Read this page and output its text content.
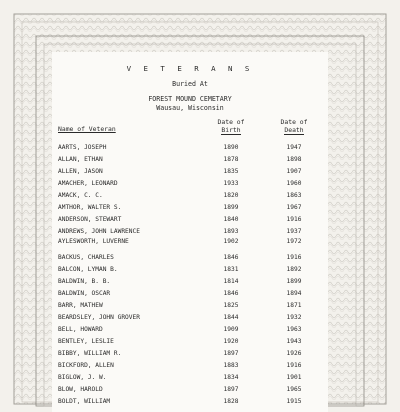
V E T E R A N S
Buried At
FOREST MOUND CEMETARY
Wausau, Wisconsin
Name of Veteran
Date of
Birth
Date of
Death
AARTS, JOSEPH	1890	1947
ALLAN, ETHAN	1878	1898
ALLEN, JASON	1835	1907
AMACHER, LEONARD	1933	1960
AMACK, C. C.	1820	1863
AMTHOR, WALTER S.	1899	1967
ANDERSON, STEWART	1840	1916
ANDREWS, JOHN LAWRENCE	1893	1937
AYLESWORTH, LUVERNE	1902	1972
BACKUS, CHARLES	1846	1916
BALCON, LYMAN B.	1831	1892
BALDWIN, B. B.	1814	1899
BALDWIN, OSCAR	1846	1894
BARR, MATHEW	1825	1871
BEARDSLEY, JOHN GROVER	1844	1932
BELL, HOWARD	1909	1963
BENTLEY, LESLIE	1920	1943
BIBBY, WILLIAM R.	1897	1926
BICKFORD, ALLEN	1883	1916
BIGLOW, J. W.	1834	1901
BLOW, HAROLD	1897	1965
BOLDT, WILLIAM	1828	1915
